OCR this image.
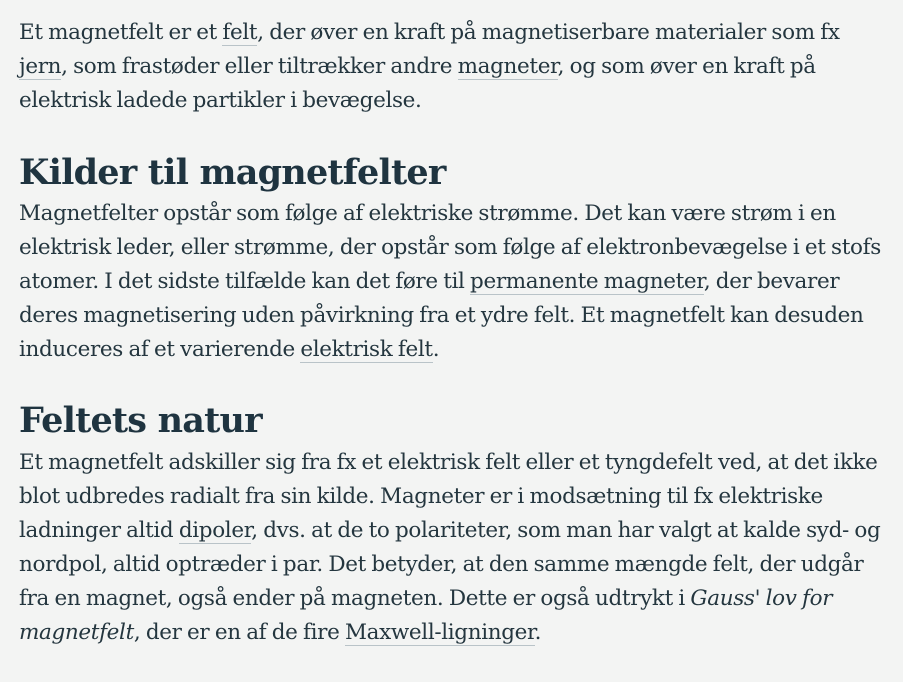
Et magnetfelt er et felt, der øver en kraft på magnetiserbare materialer som fx jern, som frastøder eller tiltrækker andre magneter, og som øver en kraft på elektrisk ladede partikler i bevægelse.

Kilder til magnetfelter

Magnetfelter opstår som følge af elektriske strømme. Det kan være strøm i en elektrisk leder, eller strømme, der opstår som følge af elektronbevægelse i et stofs atomer. I det sidste tilfælde kan det føre til permanente magneter, der bevarer deres magnetisering uden påvirkning fra et ydre felt. Et magnetfelt kan desuden induceres af et varierende elektrisk felt.

Feltets natur

Et magnetfelt adskiller sig fra fx et elektrisk felt eller et tyngdefelt ved, at det ikke blot udbredes radialt fra sin kilde. Magneter er i modsætning til fx elektriske ladninger altid dipoler, dvs. at de to polariteter, som man har valgt at kalde syd- og nordpol, altid optræder i par. Det betyder, at den samme mængde felt, der udgår fra en magnet, også ender på magneten. Dette er også udtrykt i Gauss' lov for magnetfelt, der er en af de fire Maxwell-ligninger.
